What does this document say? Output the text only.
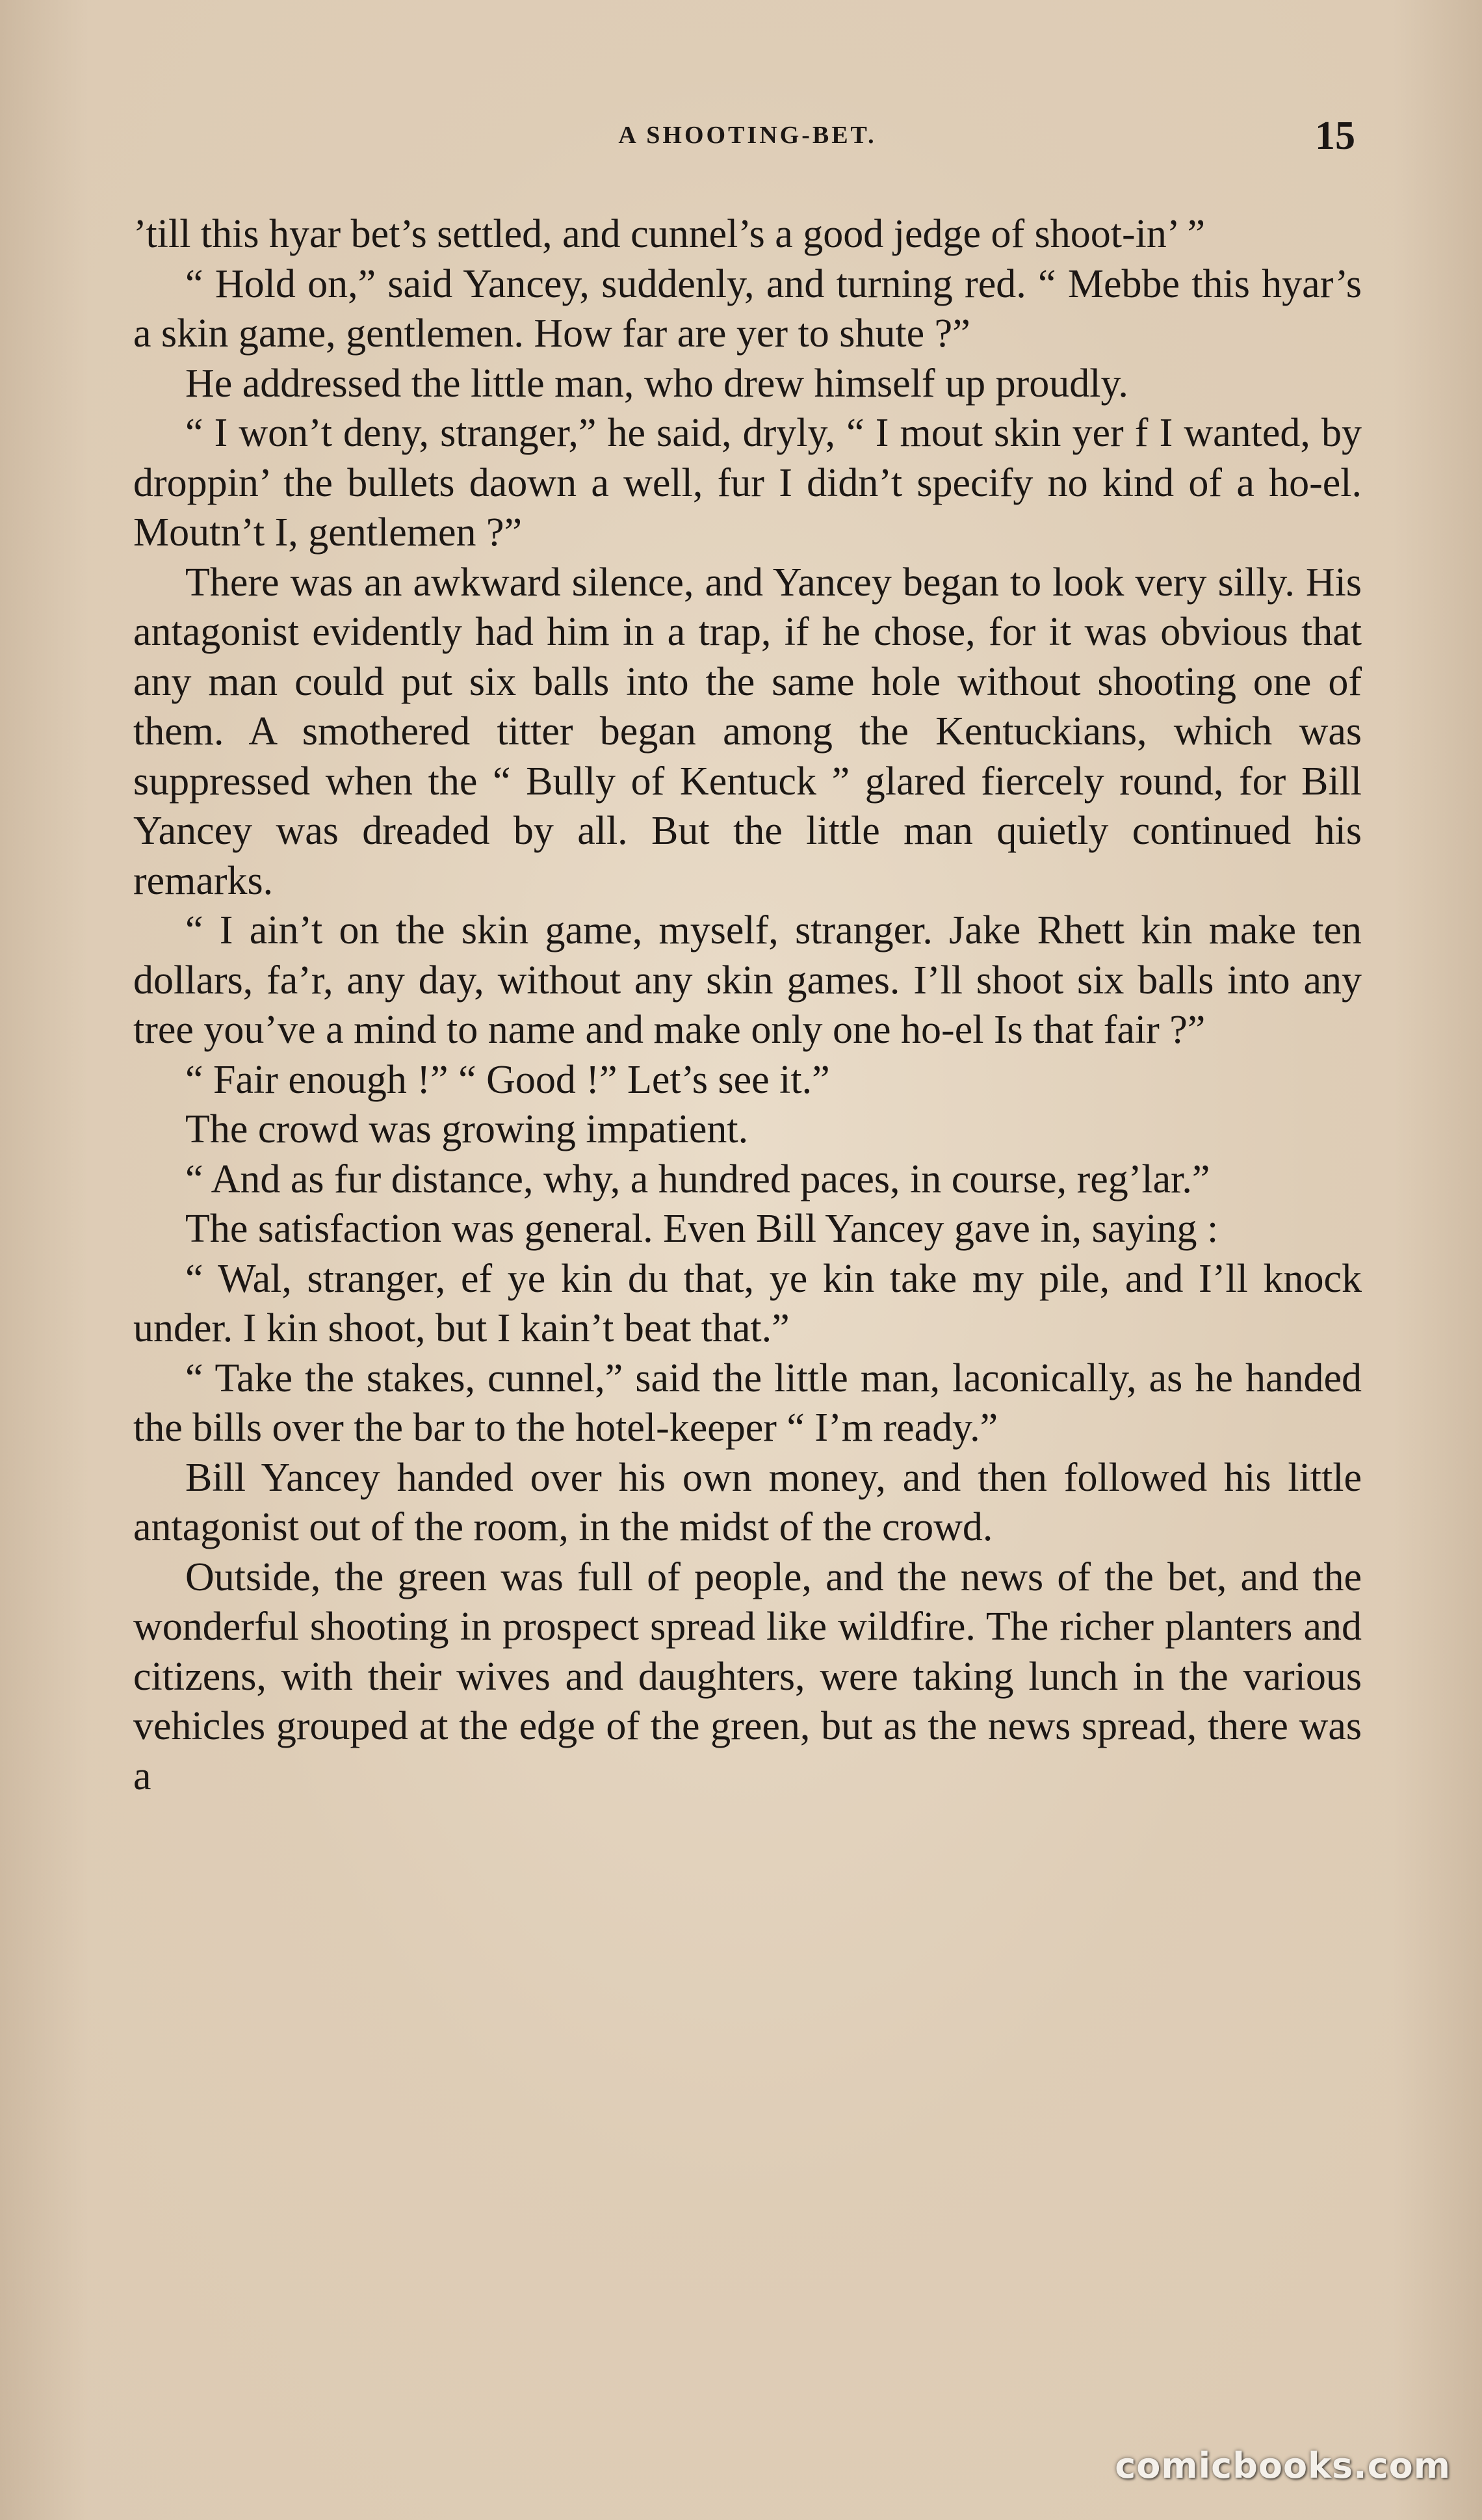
A SHOOTING-BET.	15

’till this hyar bet’s settled, and cunnel’s a good jedge of shoot-in’ ”

“ Hold on,” said Yancey, suddenly, and turning red. “ Mebbe this hyar’s a skin game, gentlemen. How far are yer to shute ?”

He addressed the little man, who drew himself up proudly.

“ I won’t deny, stranger,” he said, dryly, “ I mout skin yer f I wanted, by droppin’ the bullets daown a well, fur I didn’t specify no kind of a ho-el. Moutn’t I, gentlemen ?”

There was an awkward silence, and Yancey began to look very silly. His antagonist evidently had him in a trap, if he chose, for it was obvious that any man could put six balls into the same hole without shooting one of them. A smothered titter began among the Kentuckians, which was suppressed when the “ Bully of Kentuck ” glared fiercely round, for Bill Yancey was dreaded by all. But the little man quietly continued his remarks.

“ I ain’t on the skin game, myself, stranger. Jake Rhett kin make ten dollars, fa’r, any day, without any skin games. I’ll shoot six balls into any tree you’ve a mind to name and make only one ho-el Is that fair ?”

“ Fair enough !” “ Good !” Let’s see it.”

The crowd was growing impatient.

“ And as fur distance, why, a hundred paces, in course, reg’lar.”

The satisfaction was general. Even Bill Yancey gave in, saying :

“ Wal, stranger, ef ye kin du that, ye kin take my pile, and I’ll knock under. I kin shoot, but I kain’t beat that.”

“ Take the stakes, cunnel,” said the little man, laconically, as he handed the bills over the bar to the hotel-keeper “ I’m ready.”

Bill Yancey handed over his own money, and then followed his little antagonist out of the room, in the midst of the crowd.

Outside, the green was full of people, and the news of the bet, and the wonderful shooting in prospect spread like wildfire. The richer planters and citizens, with their wives and daughters, were taking lunch in the various vehicles grouped at the edge of the green, but as the news spread, there was a

comicbooks.com
